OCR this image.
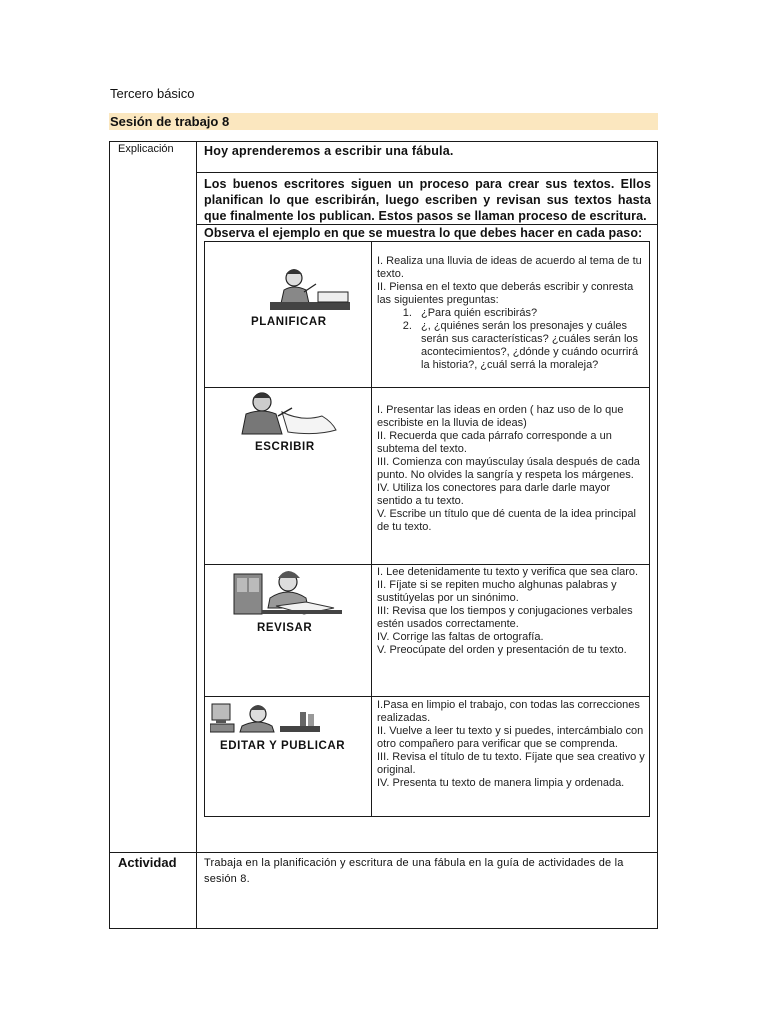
Tercero básico
Sesión de trabajo 8
Explicación Hoy aprenderemos a escribir una fábula.
Los buenos escritores siguen un proceso para crear sus textos. Ellos planifican lo que escribirán, luego escriben y revisan sus textos hasta que finalmente los publican. Estos pasos se llaman proceso de escritura.
Observa el ejemplo en que se muestra lo que debes hacer en cada paso:
Actividad Trabaja en la planificación y escritura de una fábula en la guía de actividades de la sesión 8.
PLANIFICAR

I. Realiza una lluvia de ideas de acuerdo al tema de tu texto.

II. Piensa en el texto que deberás escribir y conresta las siguientes preguntas:

1. ¿Para quién escribirás?
2. ¿, ¿quiénes serán los presonajes y cuáles serán sus características? ¿cuáles serán los acontecimientos?, ¿dónde y cuándo ocurrirá la historia?, ¿cuál serrá la moraleja?
ESCRIBIR

I. Presentar las ideas en orden ( haz uso de lo que escribiste en la lluvia de ideas)

II. Recuerda que cada párrafo corresponde a un subtema del texto.

III. Comienza con mayúsculay úsala después de cada punto. No olvides la sangría y respeta los márgenes.

IV. Utiliza los conectores para darle darle mayor sentido a tu texto.

V. Escribe un título que dé cuenta de la idea principal de tu texto.

REVISAR

I. Lee detenidamente tu texto y verifica que sea claro.

II. Fíjate si se repiten mucho alghunas palabras y sustitúyelas por un sinónimo.

III: Revisa que los tiempos y conjugaciones verbales estén usados correctamente.

IV. Corrige las faltas de ortografía.

V. Preocúpate del orden y presentación de tu texto.

EDITAR Y PUBLICAR

I.Pasa en limpio el trabajo, con todas las correcciones realizadas.

II. Vuelve a leer tu texto y si puedes, intercámbialo con otro compañero para verificar que se comprenda.

III. Revisa el título de tu texto. Fíjate que sea creativo y original.

IV. Presenta tu texto de manera limpia y ordenada.
